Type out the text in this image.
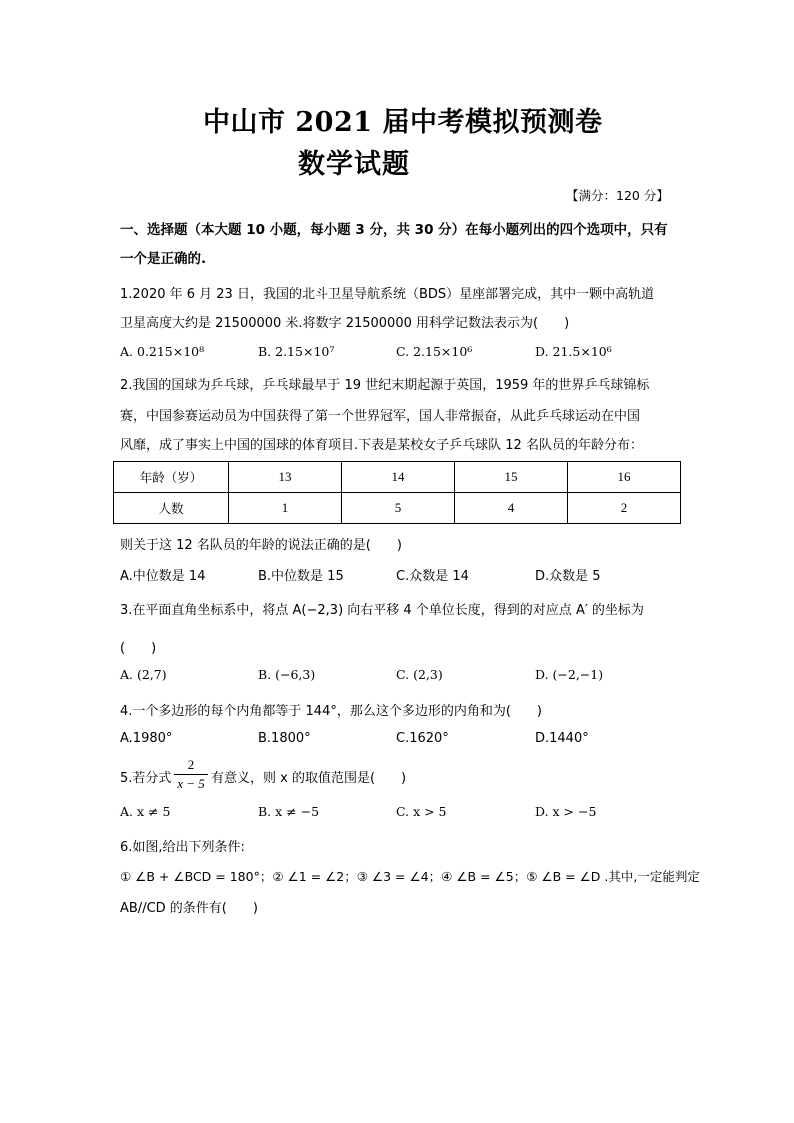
中山市 2021 届中考模拟预测卷
数学试题
【满分：120 分】
一、选择题（本大题 10 小题，每小题 3 分，共 30 分）在每小题列出的四个选项中，只有
一个是正确的.
1.2020 年 6 月 23 日，我国的北斗卫星导航系统（BDS）星座部署完成，其中一颗中高轨道
卫星高度大约是 21500000 米.将数字 21500000 用科学记数法表示为(　　)
A. 0.215×10⁸	B. 2.15×10⁷	C. 2.15×10⁶	D. 21.5×10⁶
2.我国的国球为乒乓球，乒乓球最早于 19 世纪末期起源于英国，1959 年的世界乒乓球锦标
赛，中国参赛运动员为中国获得了第一个世界冠军，国人非常振奋，从此乒乓球运动在中国
风靡，成了事实上中国的国球的体育项目.下表是某校女子乒乓球队 12 名队员的年龄分布：
年龄（岁）	13	14	15	16
人数	1	5	4	2
则关于这 12 名队员的年龄的说法正确的是(　　)
A.中位数是 14	B.中位数是 15	C.众数是 14	D.众数是 5
3.在平面直角坐标系中，将点 A(−2,3) 向右平移 4 个单位长度，得到的对应点 A′ 的坐标为
(　　)
A. (2,7)	B. (−6,3)	C. (2,3)	D. (−2,−1)
4.一个多边形的每个内角都等于 144°，那么这个多边形的内角和为(　　)
A.1980°	B.1800°	C.1620°	D.1440°
5.若分式
2
x − 5 有意义，则 x 的取值范围是(　　)
A. x ≠ 5	B. x ≠ −5	C. x > 5	D. x > −5
6.如图,给出下列条件:
① ∠B + ∠BCD = 180°；② ∠1 = ∠2；③ ∠3 = ∠4；④ ∠B = ∠5；⑤ ∠B = ∠D .其中,一定能判定
AB//CD 的条件有(　　)
